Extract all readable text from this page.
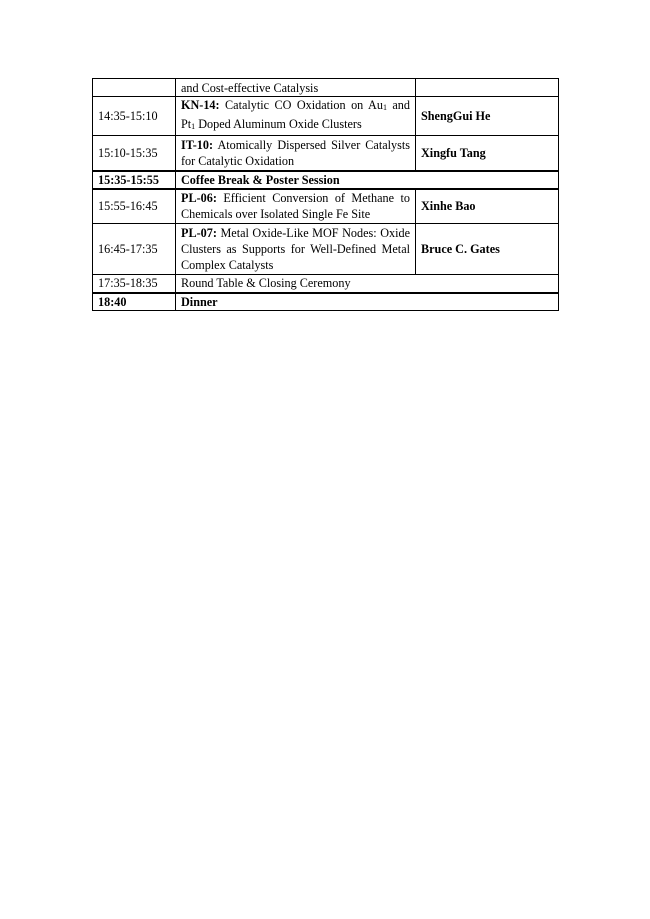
	and Cost-effective Catalysis	
14:35-15:10	KN-14: Catalytic CO Oxidation on Au1 and Pt1 Doped Aluminum Oxide Clusters	ShengGui He
15:10-15:35	IT-10: Atomically Dispersed Silver Catalysts for Catalytic Oxidation	Xingfu Tang
15:35-15:55	Coffee Break & Poster Session	
15:55-16:45	PL-06: Efficient Conversion of Methane to Chemicals over Isolated Single Fe Site	Xinhe Bao
16:45-17:35	PL-07: Metal Oxide-Like MOF Nodes: Oxide Clusters as Supports for Well-Defined Metal Complex Catalysts	Bruce C. Gates
17:35-18:35	Round Table & Closing Ceremony	
18:40	Dinner	
